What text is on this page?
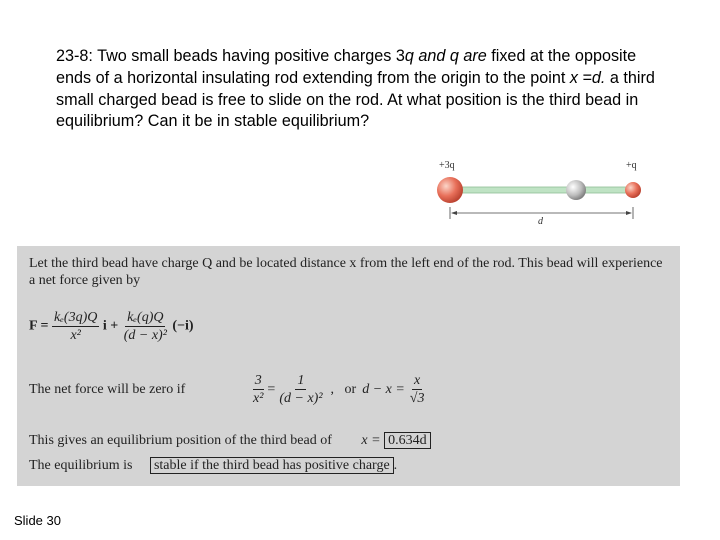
23-8: Two small beads having positive charges 3q and q are fixed at the opposite ends of a horizontal insulating rod extending from the origin to the point x =d. a third small charged bead is free to slide on the rod. At what position is the third bead in equilibrium? Can it be in stable equilibrium?
+3q	+q
d
Let the third bead have charge Q and be located distance x from the left end of the rod. This bead will experience a net force given by
$F = \frac{\text{kₑ(3q)Q}}{\text{x²}}$ $i + \frac{\text{kₑ(q)Q}}{\text{(d − x)²}} (-i)$
The net force will be zero if	$\frac{3}{\text{x²}} = \frac{1}{\text{(d − x)²}}$ ,   or $d - x = \frac{x}{√3}$
This gives an equilibrium position of the third bead of x = 0.634d
The equilibrium is stable if the third bead has positive charge .
Slide 30
